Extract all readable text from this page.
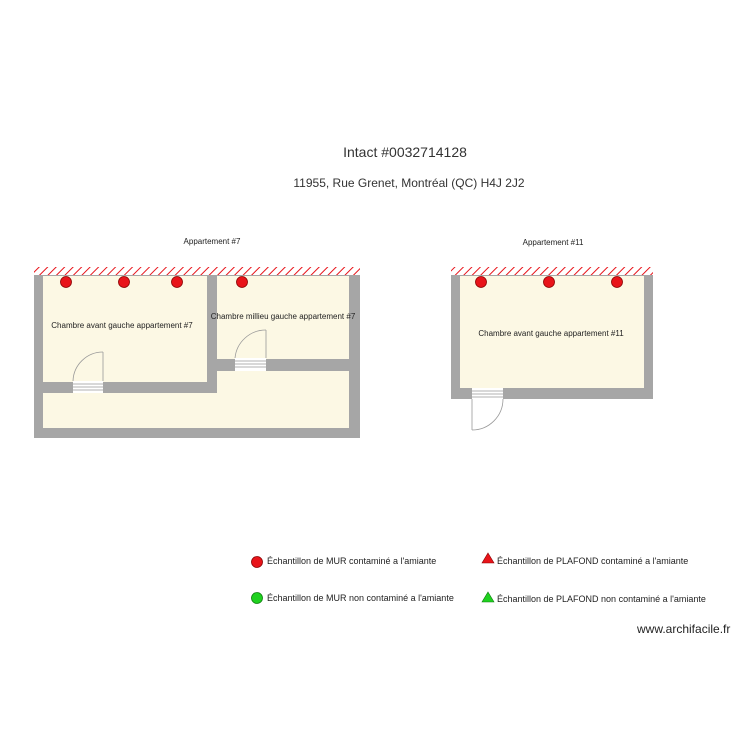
Intact #0032714128
11955, Rue Grenet, Montréal (QC) H4J 2J2
Appartement #7
Chambre avant gauche appartement #7
Chambre millieu gauche appartement #7
Appartement #11
Chambre avant gauche appartement #11
Échantillon de MUR contaminé a l'amiante	Échantillon de PLAFOND contaminé a l'amiante
Échantillon de MUR non contaminé a l'amiante	Échantillon de PLAFOND non contaminé a l'amiante
www.archifacile.fr
